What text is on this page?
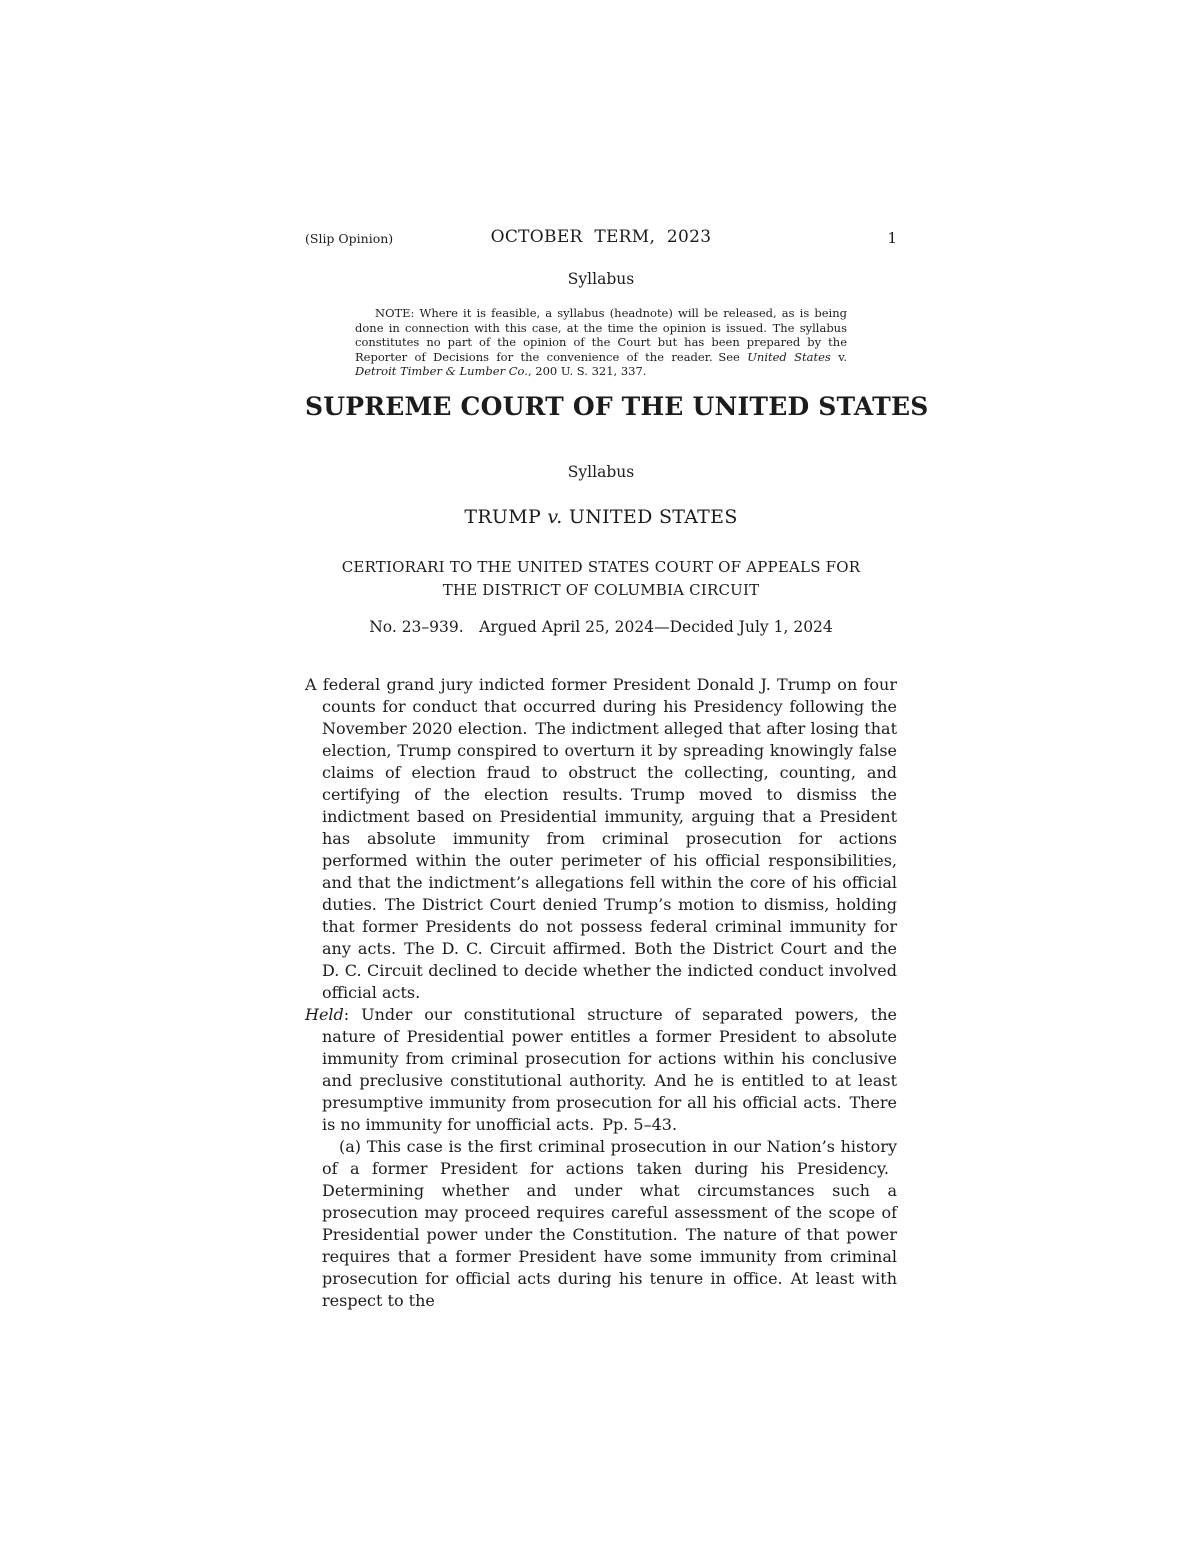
(Slip Opinion)	OCTOBER TERM, 2023	1
Syllabus
NOTE: Where it is feasible, a syllabus (headnote) will be released, as is being done in connection with this case, at the time the opinion is issued. The syllabus constitutes no part of the opinion of the Court but has been prepared by the Reporter of Decisions for the convenience of the reader. See United States v. Detroit Timber & Lumber Co., 200 U. S. 321, 337.
SUPREME COURT OF THE UNITED STATES
Syllabus
TRUMP v. UNITED STATES
CERTIORARI TO THE UNITED STATES COURT OF APPEALS FOR
THE DISTRICT OF COLUMBIA CIRCUIT
No. 23–939. Argued April 25, 2024—Decided July 1, 2024

A federal grand jury indicted former President Donald J. Trump on four counts for conduct that occurred during his Presidency following the November 2020 election. The indictment alleged that after losing that election, Trump conspired to overturn it by spreading knowingly false claims of election fraud to obstruct the collecting, counting, and certifying of the election results. Trump moved to dismiss the indictment based on Presidential immunity, arguing that a President has absolute immunity from criminal prosecution for actions performed within the outer perimeter of his official responsibilities, and that the indictment’s allegations fell within the core of his official duties. The District Court denied Trump’s motion to dismiss, holding that former Presidents do not possess federal criminal immunity for any acts. The D. C. Circuit affirmed. Both the District Court and the D. C. Circuit declined to decide whether the indicted conduct involved official acts.

Held: Under our constitutional structure of separated powers, the nature of Presidential power entitles a former President to absolute immunity from criminal prosecution for actions within his conclusive and preclusive constitutional authority. And he is entitled to at least presumptive immunity from prosecution for all his official acts. There is no immunity for unofficial acts. Pp. 5–43.

(a) This case is the first criminal prosecution in our Nation’s history of a former President for actions taken during his Presidency. Determining whether and under what circumstances such a prosecution may proceed requires careful assessment of the scope of Presidential power under the Constitution. The nature of that power requires that a former President have some immunity from criminal prosecution for official acts during his tenure in office. At least with respect to the
